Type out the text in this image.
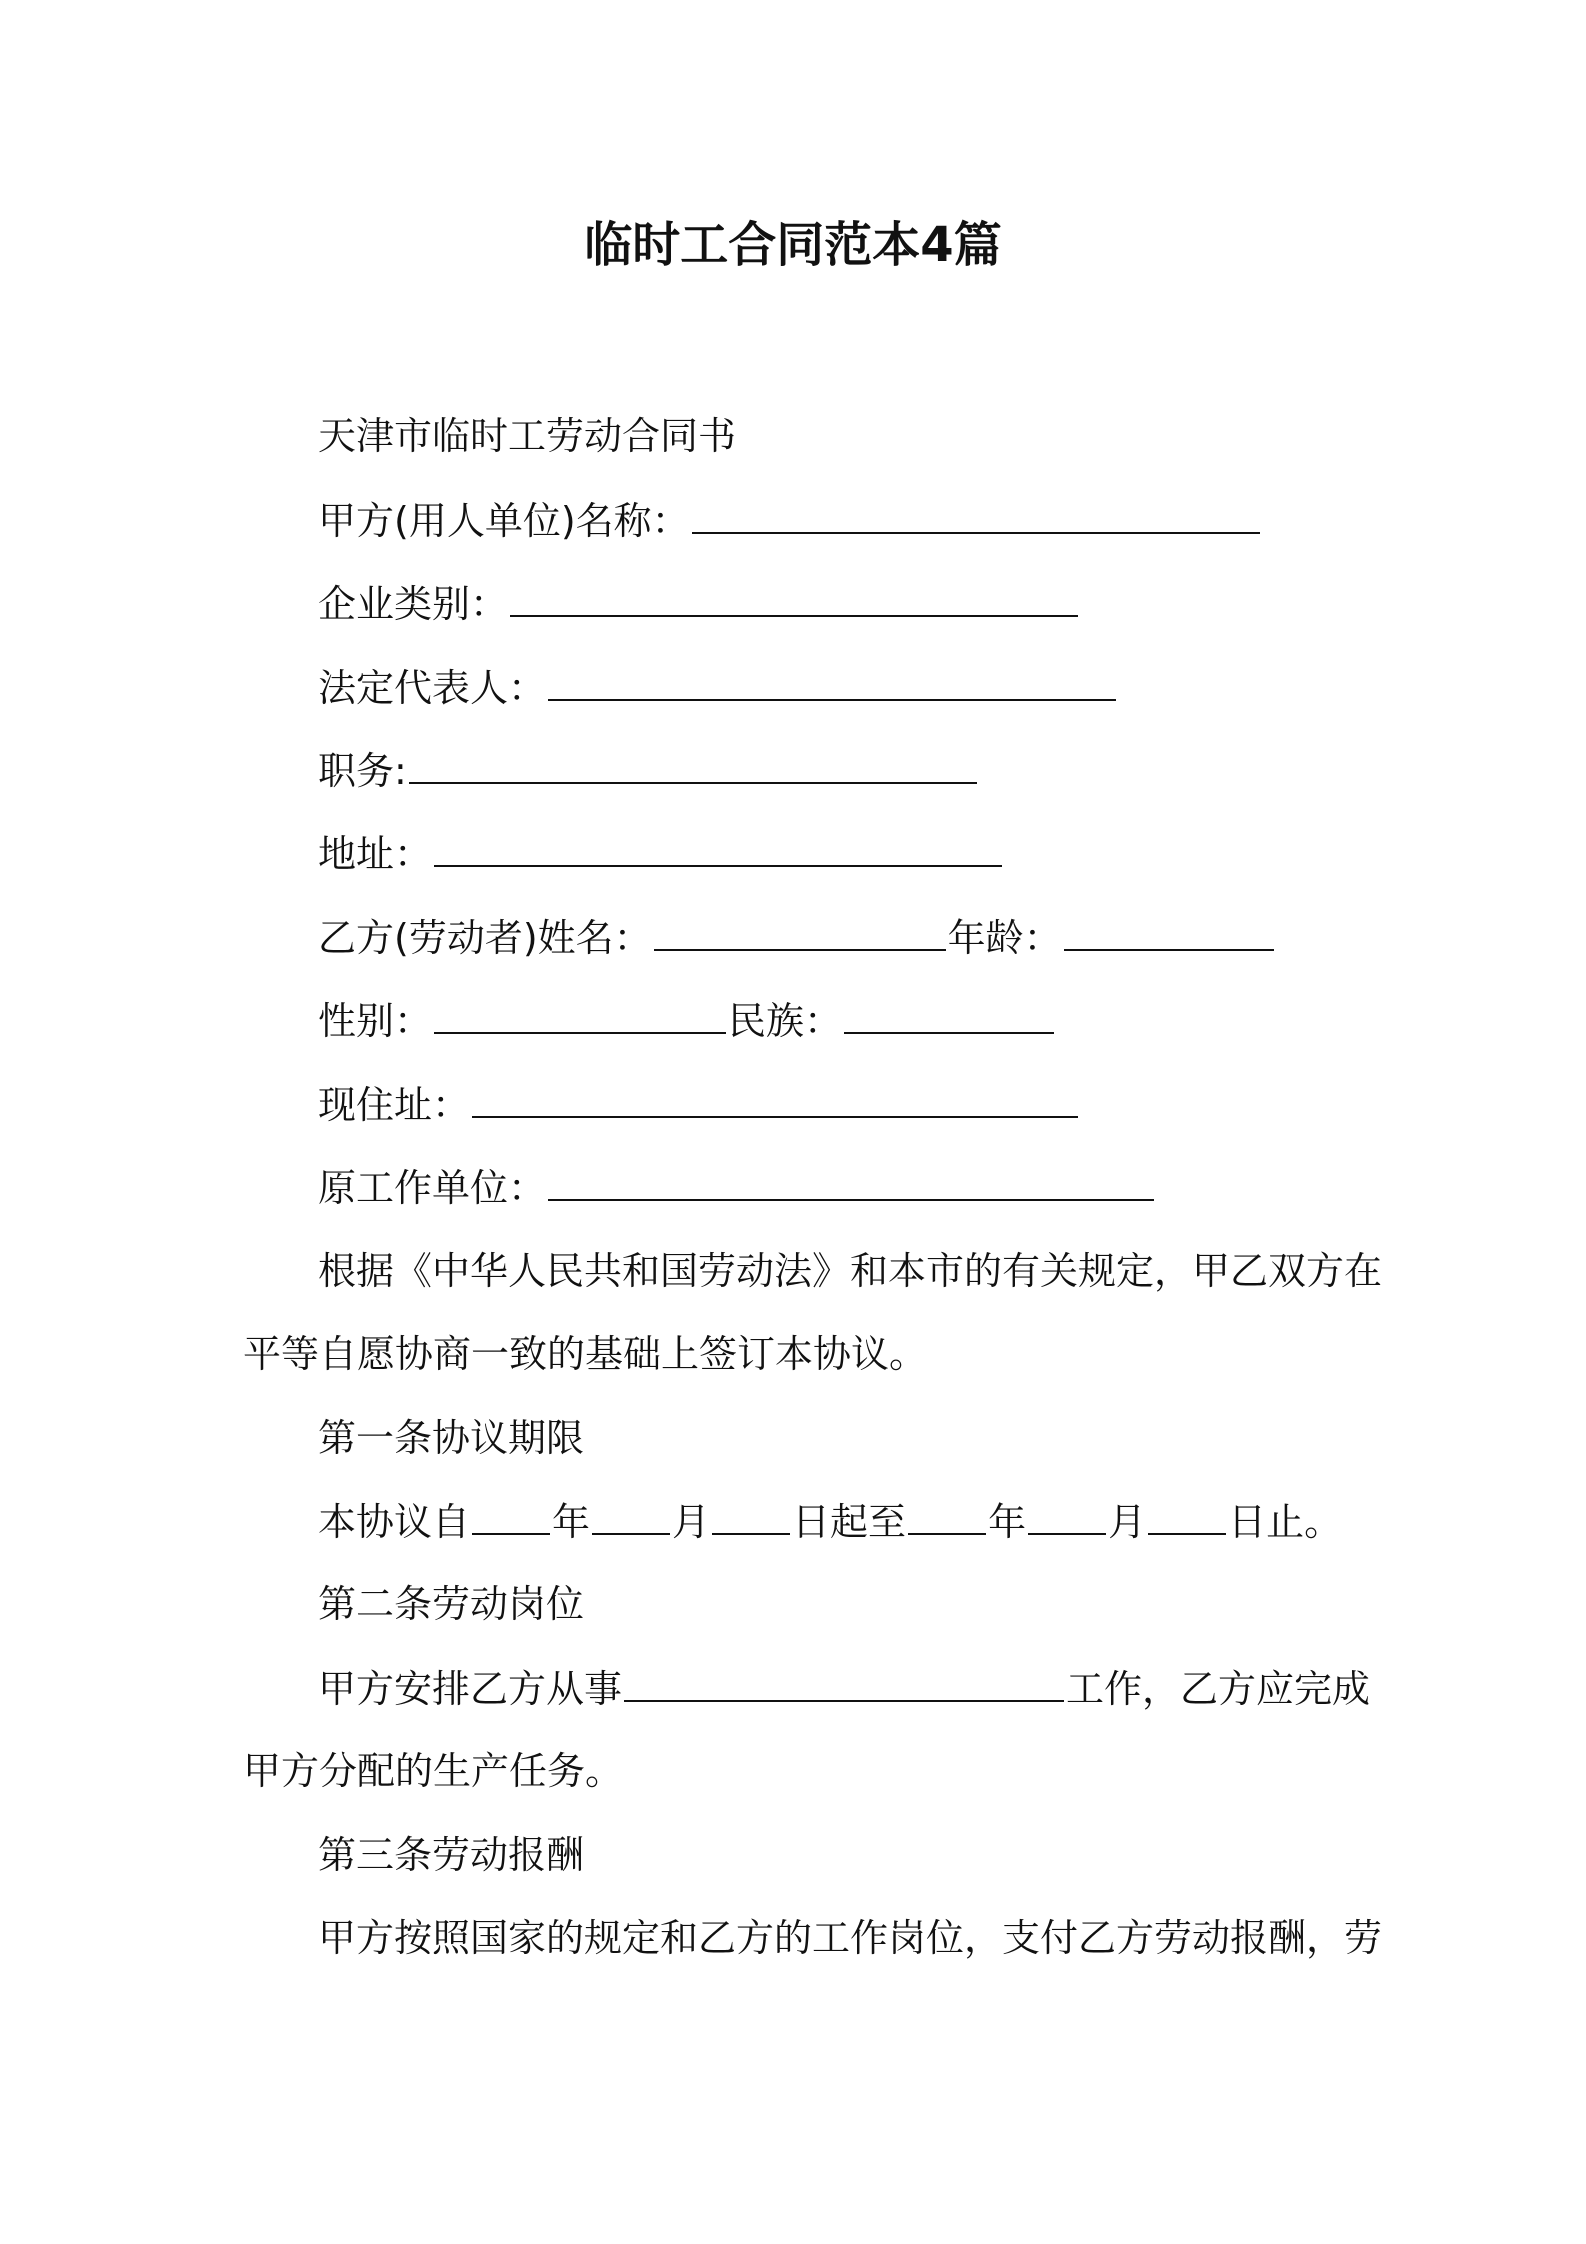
临时工合同范本4篇
天津市临时工劳动合同书
甲方(用人单位)名称：
企业类别：
法定代表人：
职务:
地址：
乙方(劳动者)姓名：	年龄：
性别：	民族：
现住址：
原工作单位：
根据《中华人民共和国劳动法》和本市的有关规定，甲乙双方在
平等自愿协商一致的基础上签订本协议。
第一条协议期限
本协议自 年 月 日起至 年 月 日止。
第二条劳动岗位
甲方安排乙方从事	工作，乙方应完成
甲方分配的生产任务。
第三条劳动报酬
甲方按照国家的规定和乙方的工作岗位，支付乙方劳动报酬，劳
